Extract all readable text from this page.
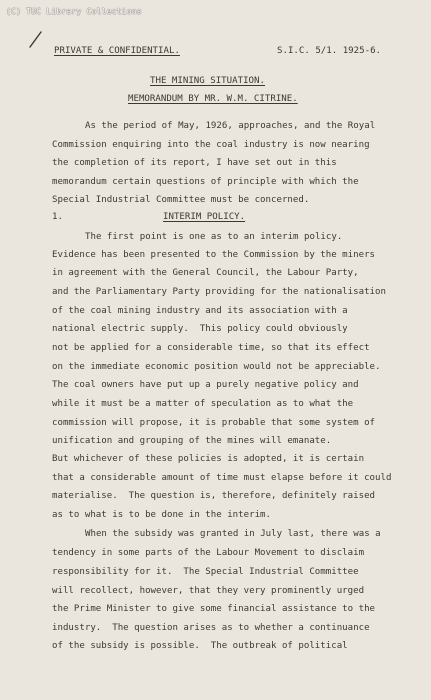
(C) TUC Library Collections
PRIVATE & CONFIDENTIAL.	S.I.C. 5/1. 1925-6.
THE MINING SITUATION.
MEMORANDUM BY MR. W.M. CITRINE.
As the period of May, 1926, approaches, and the Royal
Commission enquiring into the coal industry is now nearing
the completion of its report, I have set out in this
memorandum certain questions of principle with which the
Special Industrial Committee must be concerned.
1.	INTERIM POLICY.
The first point is one as to an interim policy.
Evidence has been presented to the Commission by the miners
in agreement with the General Council, the Labour Party,
and the Parliamentary Party providing for the nationalisation
of the coal mining industry and its association with a
national electric supply.  This policy could obviously
not be applied for a considerable time, so that its effect
on the immediate economic position would not be appreciable.
The coal owners have put up a purely negative policy and
while it must be a matter of speculation as to what the
commission will propose, it is probable that some system of
unification and grouping of the mines will emanate.
But whichever of these policies is adopted, it is certain
that a considerable amount of time must elapse before it could
materialise.  The question is, therefore, definitely raised
as to what is to be done in the interim.
When the subsidy was granted in July last, there was a
tendency in some parts of the Labour Movement to disclaim
responsibility for it.  The Special Industrial Committee
will recollect, however, that they very prominently urged
the Prime Minister to give some financial assistance to the
industry.  The question arises as to whether a continuance
of the subsidy is possible.  The outbreak of political
